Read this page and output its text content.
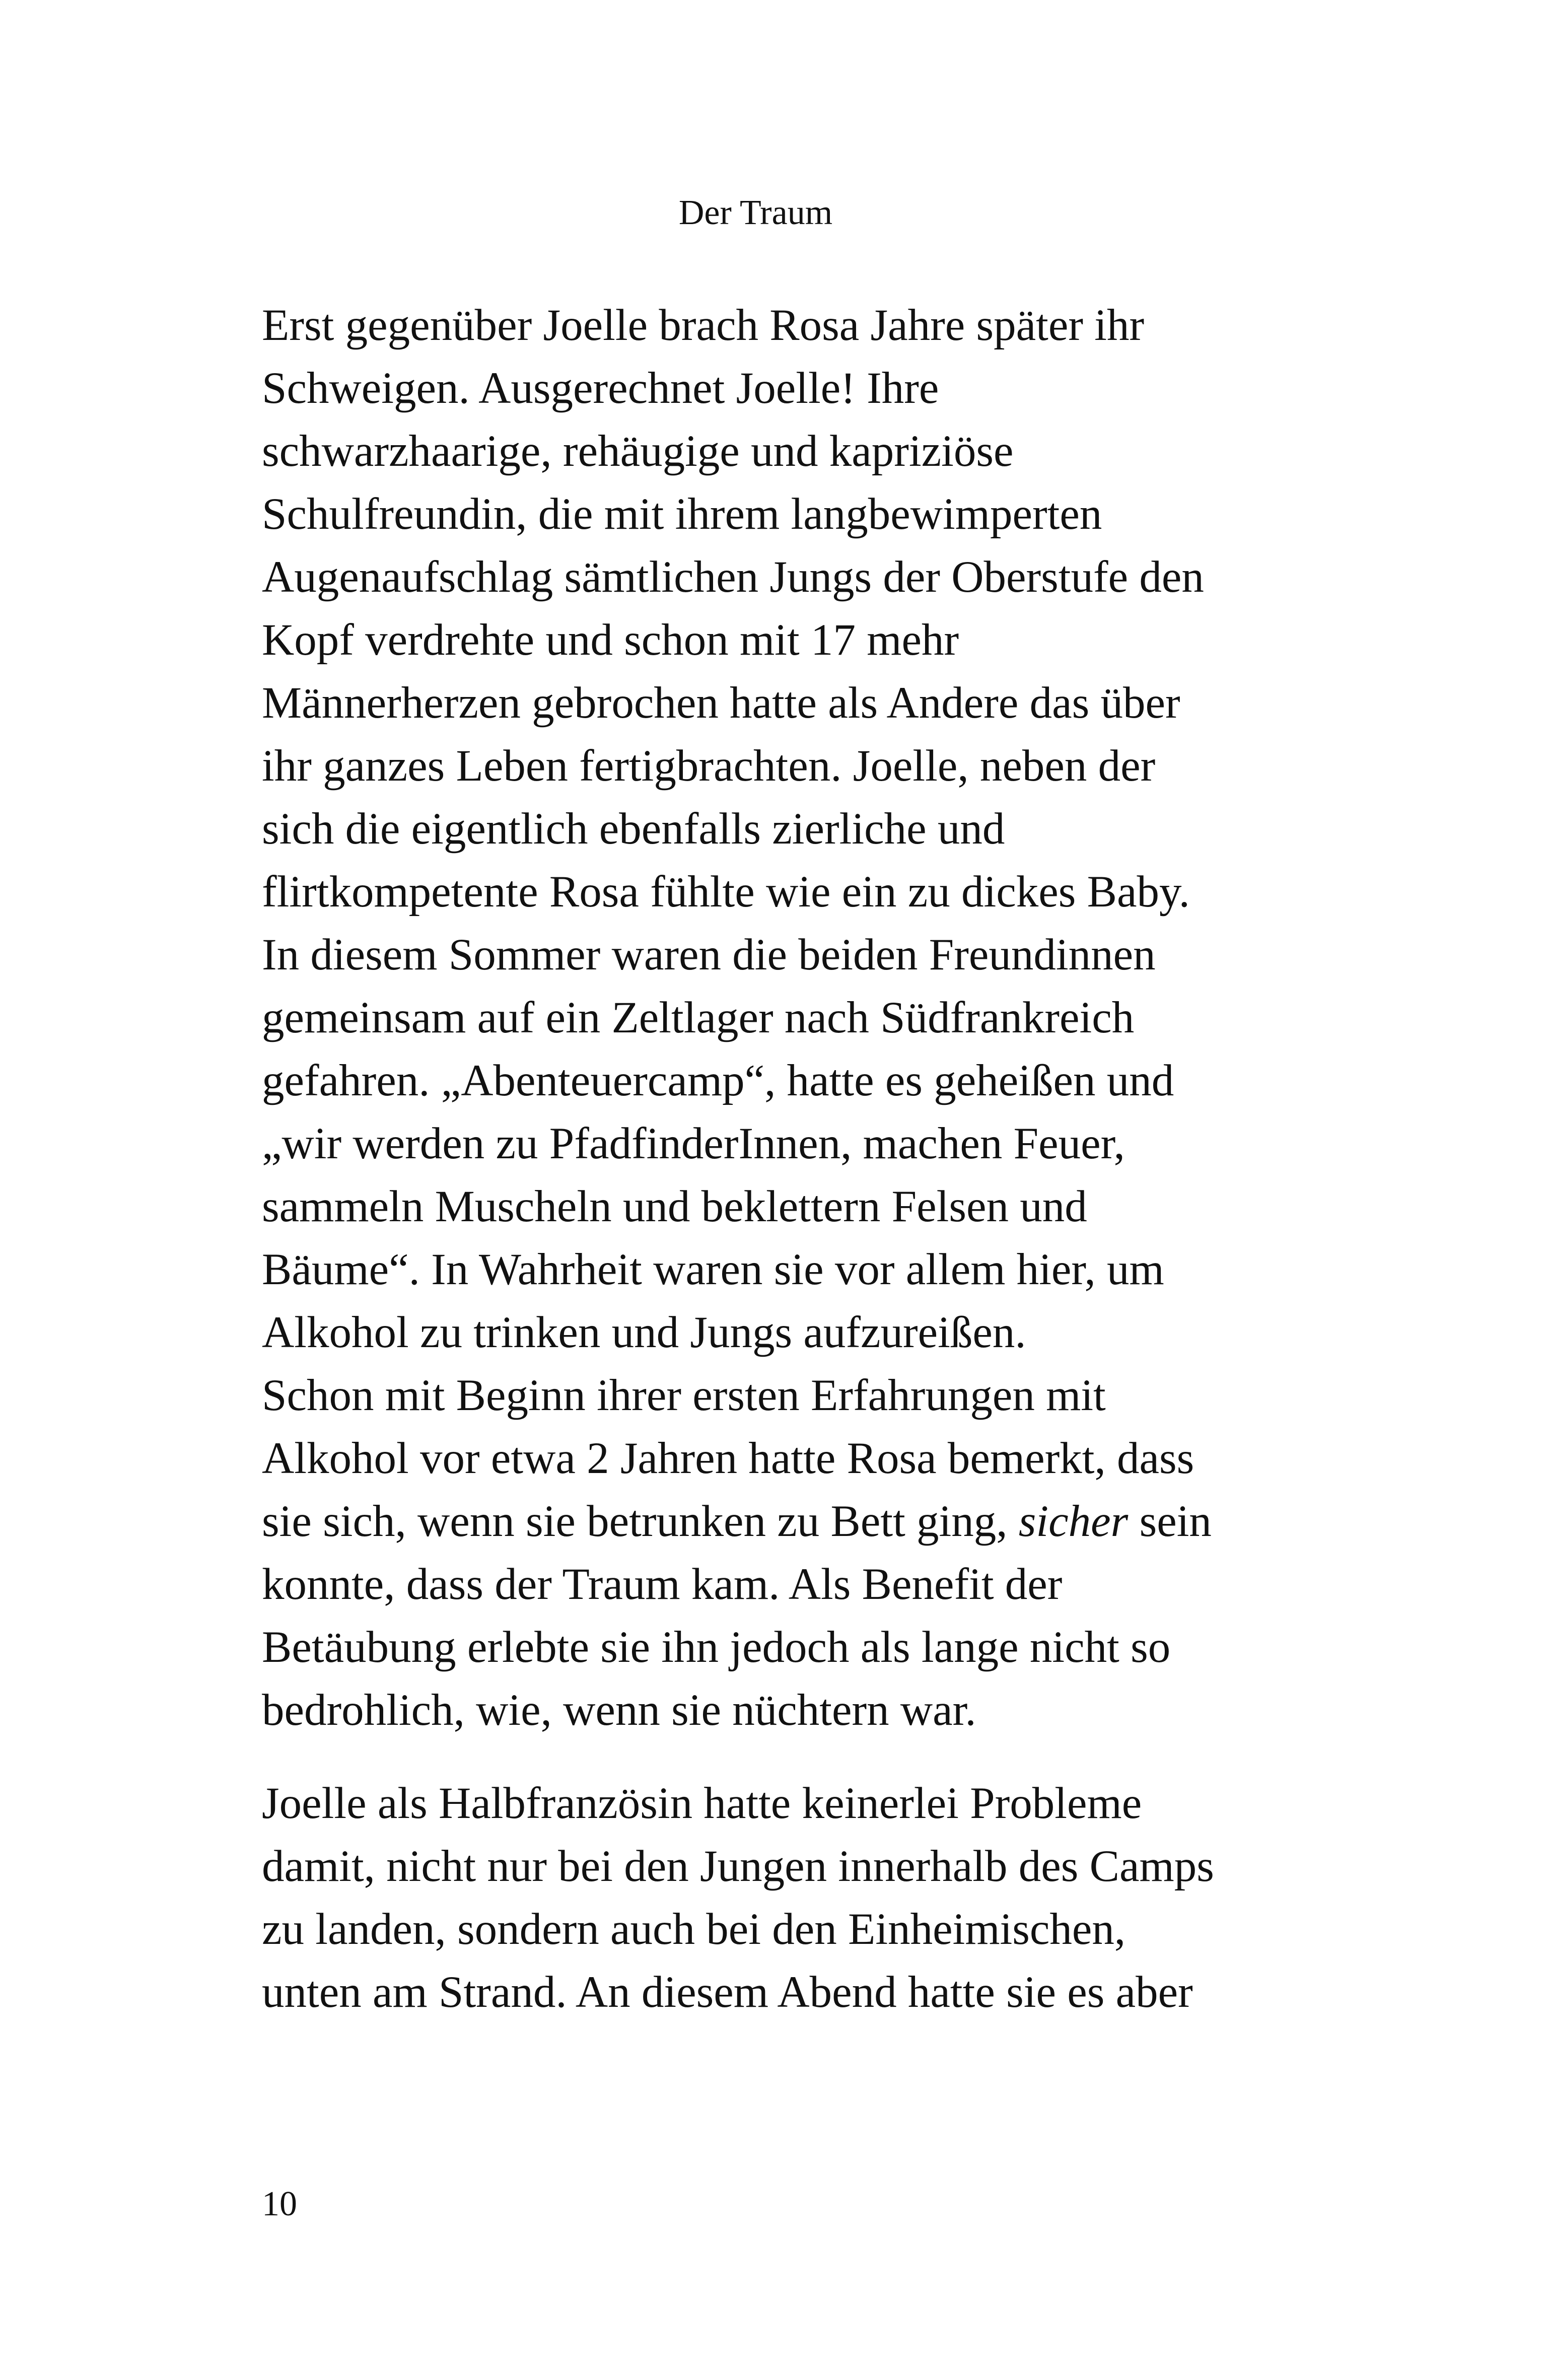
Der Traum

Erst gegenüber Joelle brach Rosa Jahre später ihr
Schweigen. Ausgerechnet Joelle! Ihre
schwarzhaarige, rehäugige und kapriziöse
Schulfreundin, die mit ihrem langbewimperten
Augenaufschlag sämtlichen Jungs der Oberstufe den
Kopf verdrehte und schon mit 17 mehr
Männerherzen gebrochen hatte als Andere das über
ihr ganzes Leben fertigbrachten. Joelle, neben der
sich die eigentlich ebenfalls zierliche und
flirtkompetente Rosa fühlte wie ein zu dickes Baby.
In diesem Sommer waren die beiden Freundinnen
gemeinsam auf ein Zeltlager nach Südfrankreich
gefahren. „Abenteuercamp“, hatte es geheißen und
„wir werden zu PfadfinderInnen, machen Feuer,
sammeln Muscheln und beklettern Felsen und
Bäume“. In Wahrheit waren sie vor allem hier, um
Alkohol zu trinken und Jungs aufzureißen.
Schon mit Beginn ihrer ersten Erfahrungen mit
Alkohol vor etwa 2 Jahren hatte Rosa bemerkt, dass
sie sich, wenn sie betrunken zu Bett ging, sicher sein
konnte, dass der Traum kam. Als Benefit der
Betäubung erlebte sie ihn jedoch als lange nicht so
bedrohlich, wie, wenn sie nüchtern war.

Joelle als Halbfranzösin hatte keinerlei Probleme
damit, nicht nur bei den Jungen innerhalb des Camps
zu landen, sondern auch bei den Einheimischen,
unten am Strand. An diesem Abend hatte sie es aber

10
